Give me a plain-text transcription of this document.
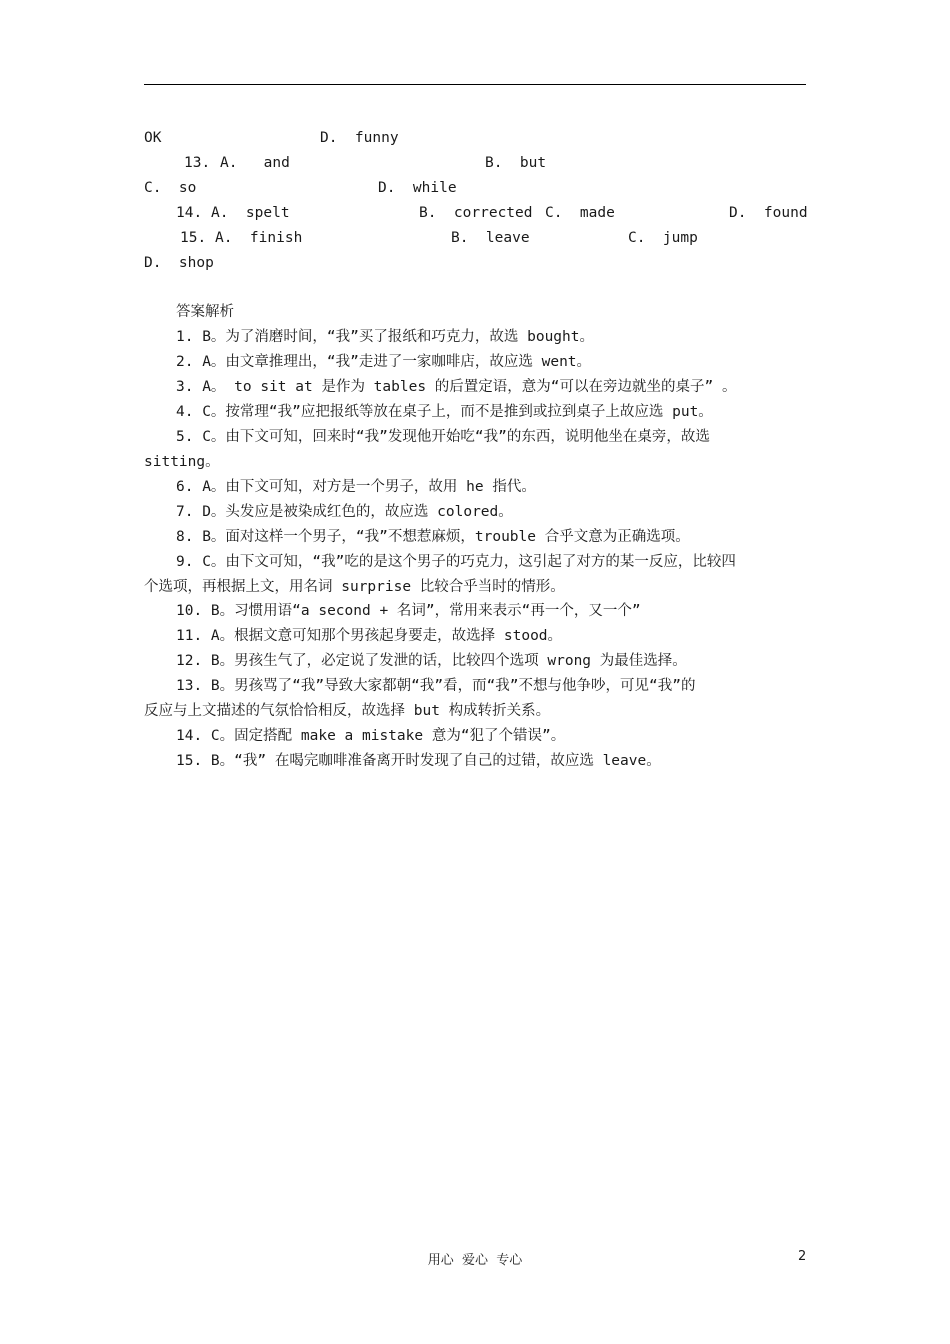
OK	D.  funny
13. A.   and	B.  but
C.  so	D.  while
14. A.  spelt	B.  corrected C.  made	D.  found
15. A.  finish	B.  leave	C.  jump
D.  shop
答案解析
1. B。为了消磨时间，“我”买了报纸和巧克力，故选 bought。
2. A。由文章推理出，“我”走进了一家咖啡店，故应选 went。
3. A。 to sit at 是作为 tables 的后置定语，意为“可以在旁边就坐的桌子” 。
4. C。按常理“我”应把报纸等放在桌子上，而不是推到或拉到桌子上故应选 put。
5. C。由下文可知，回来时“我”发现他开始吃“我”的东西，说明他坐在桌旁，故选
sitting。
6. A。由下文可知，对方是一个男子，故用 he 指代。
7. D。头发应是被染成红色的，故应选 colored。
8. B。面对这样一个男子，“我”不想惹麻烦，trouble 合乎文意为正确选项。
9. C。由下文可知，“我”吃的是这个男子的巧克力，这引起了对方的某一反应，比较四
个选项，再根据上文，用名词 surprise 比较合乎当时的情形。
10. B。习惯用语“a second + 名词”，常用来表示“再一个，又一个”
11. A。根据文意可知那个男孩起身要走，故选择 stood。
12. B。男孩生气了，必定说了发泄的话，比较四个选项 wrong 为最佳选择。
13. B。男孩骂了“我”导致大家都朝“我”看，而“我”不想与他争吵，可见“我”的
反应与上文描述的气氛恰恰相反，故选择 but 构成转折关系。
14. C。固定搭配 make a mistake 意为“犯了个错误”。
15. B。“我” 在喝完咖啡准备离开时发现了自己的过错，故应选 leave。
用心  爱心  专心	2
